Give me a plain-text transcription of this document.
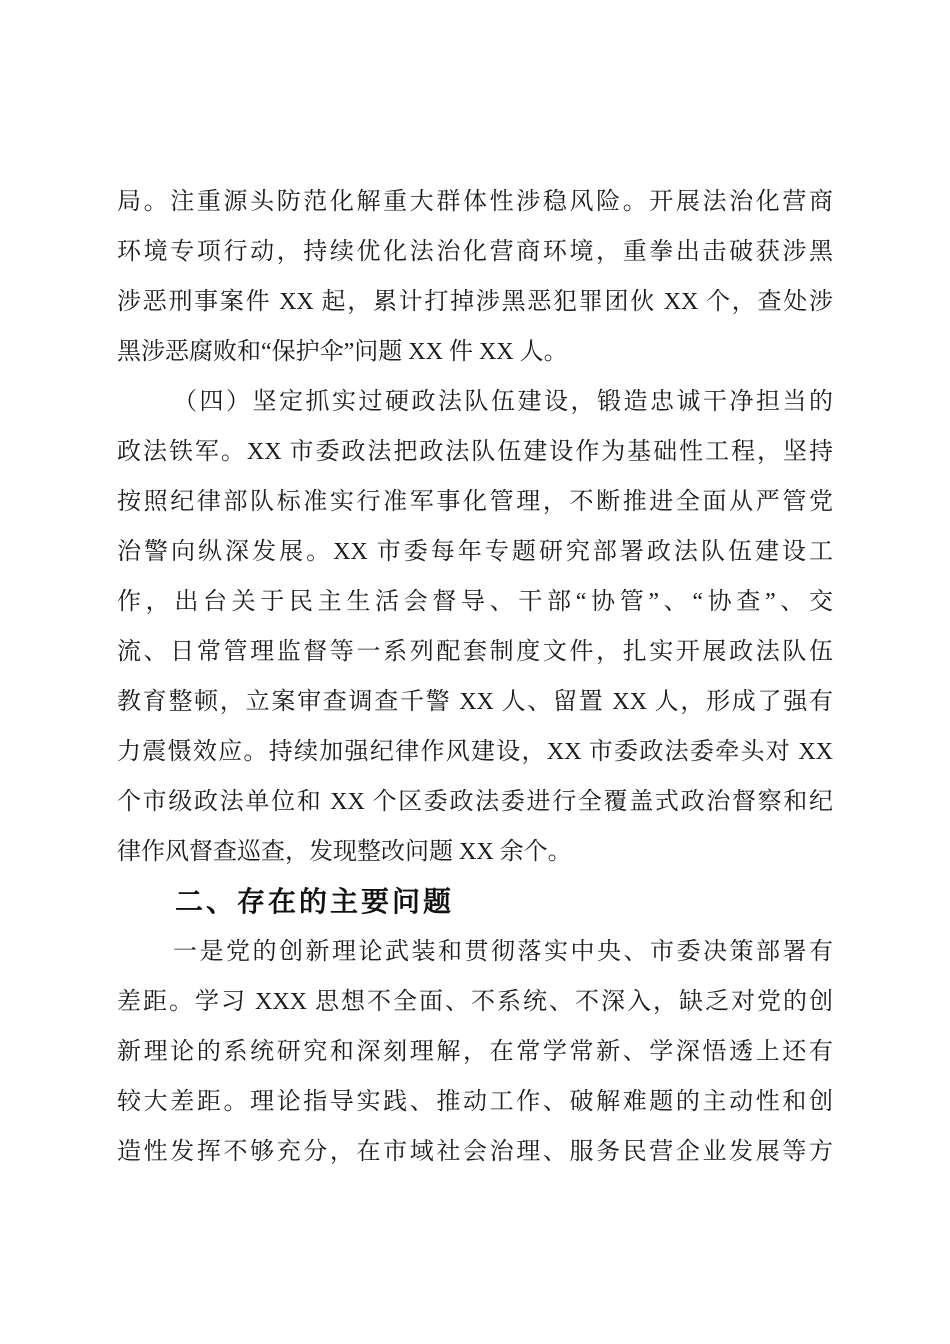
局。注重源头防范化解重大群体性涉稳风险。开展法治化营商
环境专项行动，持续优化法治化营商环境，重拳出击破获涉黑
涉恶刑事案件 XX 起，累计打掉涉黑恶犯罪团伙 XX 个，查处涉
黑涉恶腐败和“保护伞”问题 XX 件 XX 人。
（四）坚定抓实过硬政法队伍建设，锻造忠诚干净担当的
政法铁军。XX 市委政法把政法队伍建设作为基础性工程，坚持
按照纪律部队标准实行准军事化管理，不断推进全面从严管党
治警向纵深发展。XX 市委每年专题研究部署政法队伍建设工
作，出台关于民主生活会督导、干部“协管”、“协查”、交
流、日常管理监督等一系列配套制度文件，扎实开展政法队伍
教育整顿，立案审查调查千警 XX 人、留置 XX 人，形成了强有
力震慑效应。持续加强纪律作风建设，XX 市委政法委牵头对 XX
个市级政法单位和 XX 个区委政法委进行全覆盖式政治督察和纪
律作风督查巡查，发现整改问题 XX 余个。
二、存在的主要问题
一是党的创新理论武装和贯彻落实中央、市委决策部署有
差距。学习 XXX 思想不全面、不系统、不深入，缺乏对党的创
新理论的系统研究和深刻理解，在常学常新、学深悟透上还有
较大差距。理论指导实践、推动工作、破解难题的主动性和创
造性发挥不够充分，在市域社会治理、服务民营企业发展等方
